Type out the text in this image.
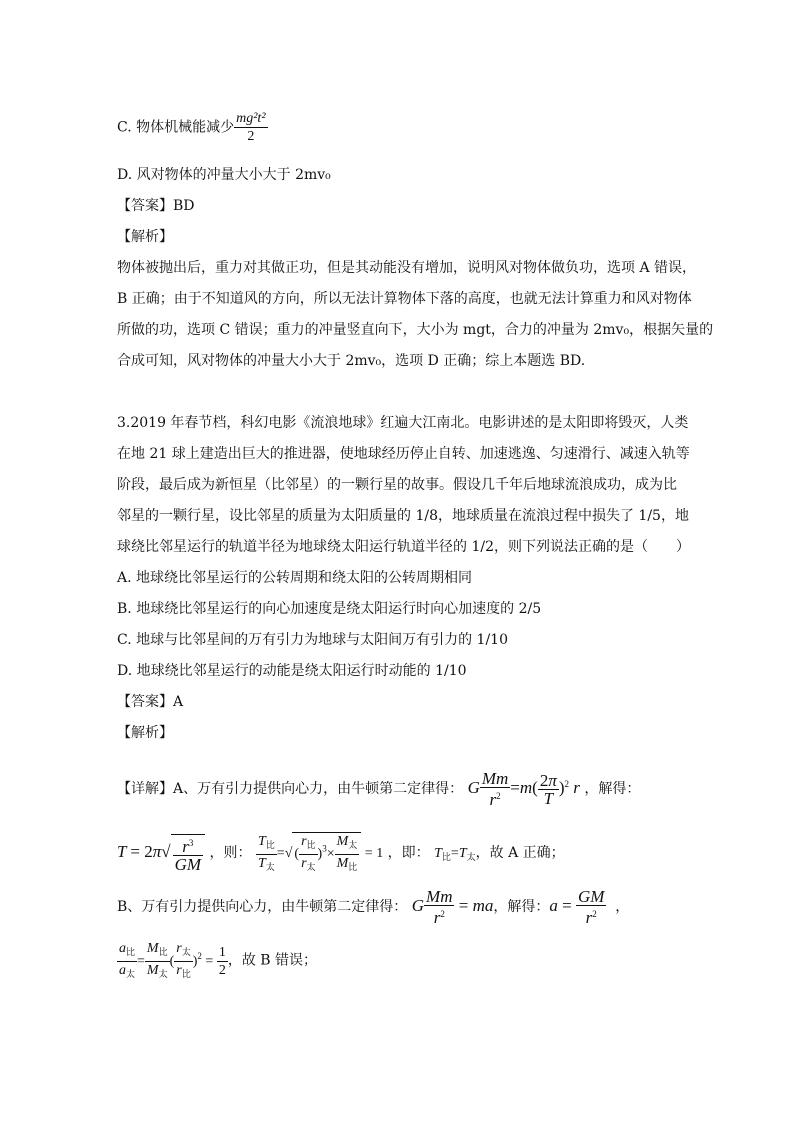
C. 物体机械能减少 $\frac{\text{mg²t²}}{2}$
D. 风对物体的冲量大小大于 2mv₀
【答案】BD
【解析】
物体被抛出后，重力对其做正功，但是其动能没有增加，说明风对物体做负功，选项 A 错误，
B 正确；由于不知道风的方向，所以无法计算物体下落的高度，也就无法计算重力和风对物体
所做的功，选项 C 错误；重力的冲量竖直向下，大小为 mgt，合力的冲量为 2mv₀，根据矢量的
合成可知，风对物体的冲量大小大于 2mv₀，选项 D 正确；综上本题选 BD.
3.2019 年春节档，科幻电影《流浪地球》红遍大江南北。电影讲述的是太阳即将毁灭，人类
在地 21 球上建造出巨大的推进器，使地球经历停止自转、加速逃逸、匀速滑行、减速入轨等
阶段，最后成为新恒星（比邻星）的一颗行星的故事。假设几千年后地球流浪成功，成为比
邻星的一颗行星，设比邻星的质量为太阳质量的 1/8，地球质量在流浪过程中损失了 1/5，地
球绕比邻星运行的轨道半径为地球绕太阳运行轨道半径的 1/2，则下列说法正确的是（　　）
A. 地球绕比邻星运行的公转周期和绕太阳的公转周期相同
B. 地球绕比邻星运行的向心加速度是绕太阳运行时向心加速度的 2/5
C. 地球与比邻星间的万有引力为地球与太阳间万有引力的 1/10
D. 地球绕比邻星运行的动能是绕太阳运行时动能的 1/10
【答案】A
【解析】
【详解】A、万有引力提供向心力，由牛顿第二定律得： G $\frac{Mm}{r^2} =m( \frac{2\pi}{T} )^2$ r ，解得：
$T = 2\pi√ \frac{r^3}{GM}$ ，则： $\frac{T_比}{T_太}$ =√ ( $\frac{r_比}{r_太} )^3\times \frac{M_太}{M_比} = 1$ ，即： $T_比=T_太$，故 A 正确；
B、万有引力提供向心力，由牛顿第二定律得： G $\frac{Mm}{r^2}$ = ma，解得：$a = \frac{GM}{r^2}$ ，
$\frac{a_比}{a_太} = \frac{M_比}{M_太}$ ( $\frac{r_太}{r_比} )^2 = \frac{1}{2}$ ，故 B 错误；
